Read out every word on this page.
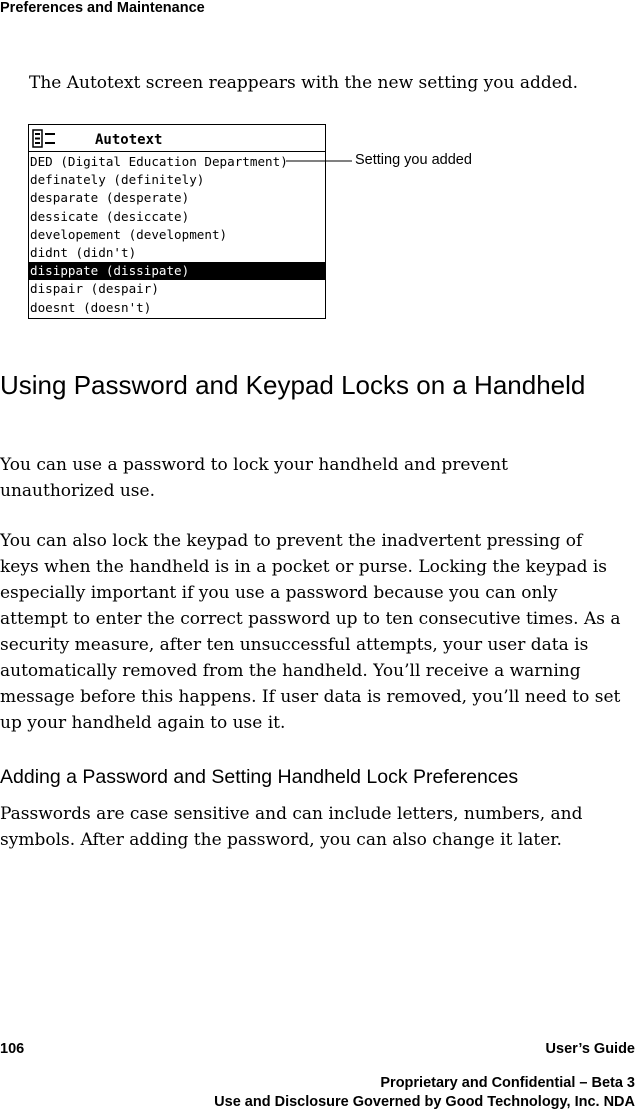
Preferences and Maintenance
The Autotext screen reappears with the new setting you added.
Autotext
DED (Digital Education Department)
definately (definitely)
desparate (desperate)
dessicate (desiccate)
developement (development)
didnt (didn't)
disippate (dissipate)
dispair (despair)
doesnt (doesn't)
Setting you added
Using Password and Keypad Locks on a Handheld

You can use a password to lock your handheld and prevent unauthorized use.

You can also lock the keypad to prevent the inadvertent pressing of keys when the handheld is in a pocket or purse. Locking the keypad is especially important if you use a password because you can only attempt to enter the correct password up to ten consecutive times. As a security measure, after ten unsuccessful attempts, your user data is automatically removed from the handheld. You’ll receive a warning message before this happens. If user data is removed, you’ll need to set up your handheld again to use it.

Adding a Password and Setting Handheld Lock Preferences

Passwords are case sensitive and can include letters, numbers, and symbols. After adding the password, you can also change it later.

106	User’s Guide
Proprietary and Confidential – Beta 3
Use and Disclosure Governed by Good Technology, Inc. NDA
